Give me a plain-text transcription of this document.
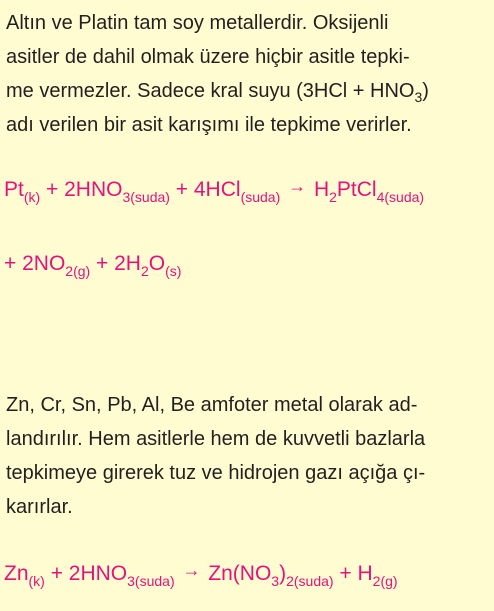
Altın ve Platin tam soy metallerdir. Oksijenli
asitler de dahil olmak üzere hiçbir asitle tepki-
me vermezler. Sadece kral suyu $(3HCl + HNO_3)$
adı verilen bir asit karışımı ile tepkime verirler.
$Pt_{(k)} + 2HNO_{3(suda)} + 4HCl_{(suda)}$ → $H_2PtCl_{4(suda)}$
+ $2NO_{2(g)} + 2H_2O_{(s)}$
Zn, Cr, Sn, Pb, Al, Be amfoter metal olarak ad-
landırılır. Hem asitlerle hem de kuvvetli bazlarla
tepkimeye girerek tuz ve hidrojen gazı açığa çı-
karırlar.
$Zn_{(k)} + 2HNO_{3(suda)} \to Zn(NO_3)_{2(suda)} + H_{2(g)}$
